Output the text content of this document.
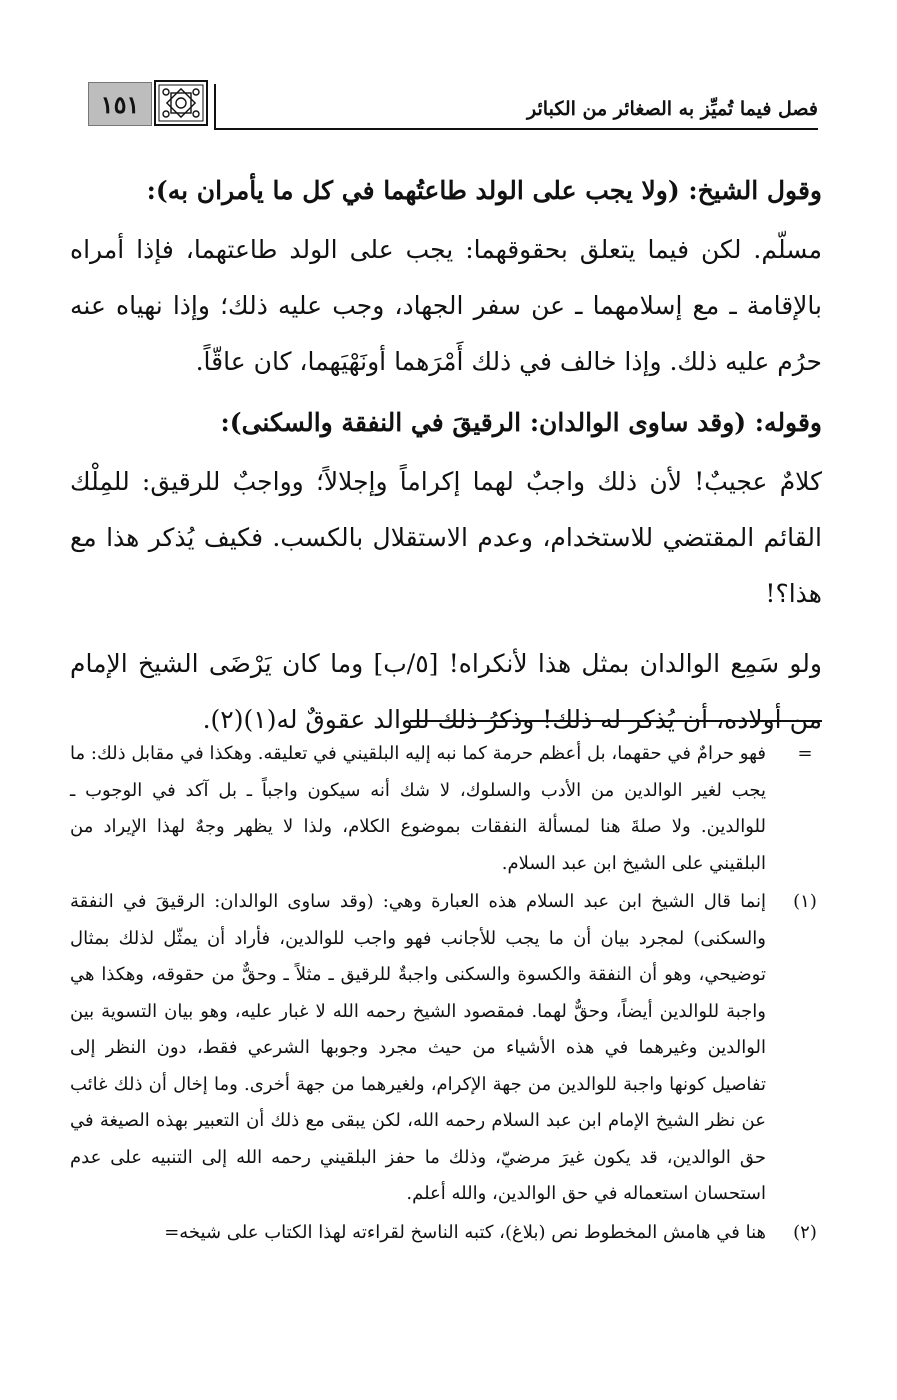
١٥١	فصل فيما تُميِّز به الصغائر من الكبائر

وقول الشيخ: (ولا يجب على الولد طاعتُهما في كل ما يأمران به):

مسلّم. لكن فيما يتعلق بحقوقهما: يجب على الولد طاعتهما، فإذا أمراه بالإقامة ـ مع إسلامهما ـ عن سفر الجهاد، وجب عليه ذلك؛ وإذا نهياه عنه حرُم عليه ذلك. وإذا خالف في ذلك أَمْرَهما أونَهْيَهما، كان عاقّاً.

وقوله: (وقد ساوى الوالدان: الرقيقَ في النفقة والسكنى):

كلامٌ عجيبٌ! لأن ذلك واجبٌ لهما إكراماً وإجلالاً؛ وواجبٌ للرقيق: للمِلْك القائم المقتضي للاستخدام، وعدم الاستقلال بالكسب. فكيف يُذكر هذا مع هذا؟!

ولو سَمِع الوالدان بمثل هذا لأنكراه! [٥/ب] وما كان يَرْضَى الشيخ الإمام من أولاده، أن يُذكر له ذلك! وذكرُ ذلك للوالد عقوقٌ له(١)(٢).

=
فهو حرامٌ في حقهما، بل أعظم حرمة كما نبه إليه البلقيني في تعليقه. وهكذا في مقابل ذلك: ما يجب لغير الوالدين من الأدب والسلوك، لا شك أنه سيكون واجباً ـ بل آكد في الوجوب ـ للوالدين. ولا صلةَ هنا لمسألة النفقات بموضوع الكلام، ولذا لا يظهر وجهٌ لهذا الإيراد من البلقيني على الشيخ ابن عبد السلام.

(١)
إنما قال الشيخ ابن عبد السلام هذه العبارة وهي: (وقد ساوى الوالدان: الرقيقَ في النفقة والسكنى) لمجرد بيان أن ما يجب للأجانب فهو واجب للوالدين، فأراد أن يمثّل لذلك بمثال توضيحي، وهو أن النفقة والكسوة والسكنى واجبةٌ للرقيق ـ مثلاً ـ وحقٌّ من حقوقه، وهكذا هي واجبة للوالدين أيضاً، وحقٌّ لهما. فمقصود الشيخ رحمه الله لا غبار عليه، وهو بيان التسوية بين الوالدين وغيرهما في هذه الأشياء من حيث مجرد وجوبها الشرعي فقط، دون النظر إلى تفاصيل كونها واجبة للوالدين من جهة الإكرام، ولغيرهما من جهة أخرى. وما إخال أن ذلك غائب عن نظر الشيخ الإمام ابن عبد السلام رحمه الله، لكن يبقى مع ذلك أن التعبير بهذه الصيغة في حق الوالدين، قد يكون غيرَ مرضيّ، وذلك ما حفز البلقيني رحمه الله إلى التنبيه على عدم استحسان استعماله في حق الوالدين، والله أعلم.

(٢)
هنا في هامش المخطوط نص (بلاغ)، كتبه الناسخ لقراءته لهذا الكتاب على شيخه=
